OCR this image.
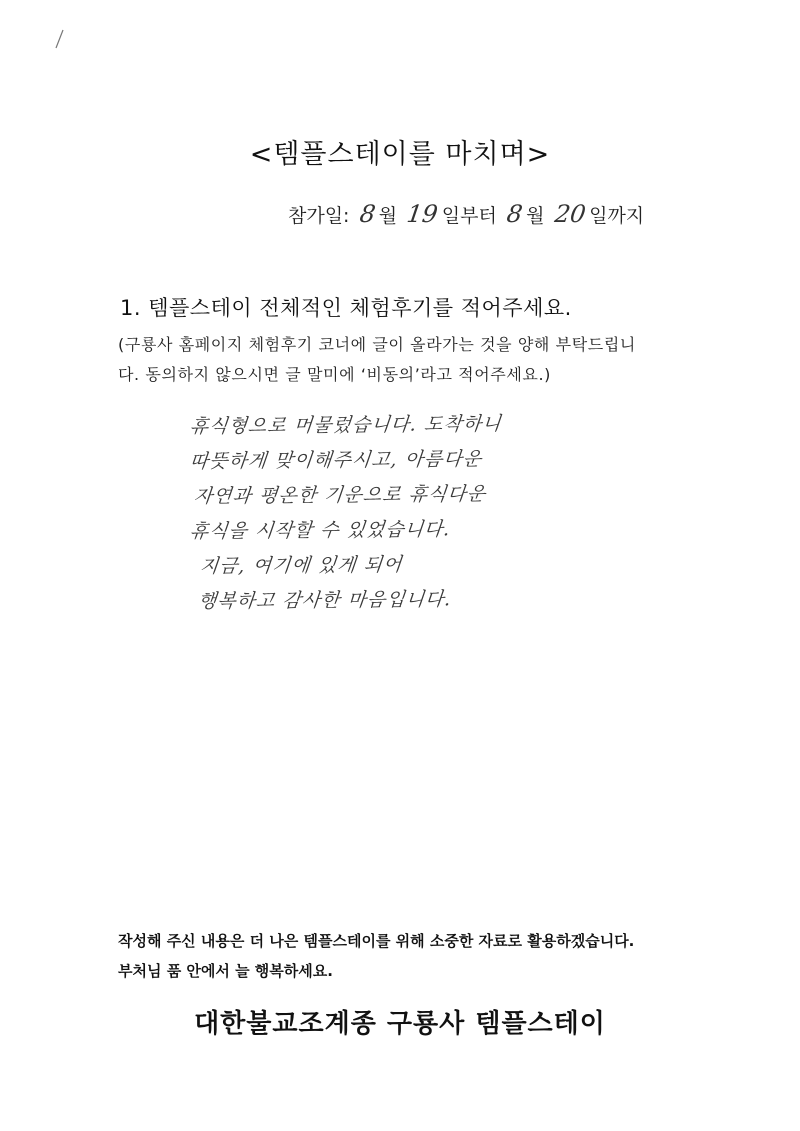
<템플스테이를 마치며>
참가일: 8 월 19 일부터 8 월 20 일까지
1. 템플스테이 전체적인 체험후기를 적어주세요.
(구룡사 홈페이지 체험후기 코너에 글이 올라가는 것을 양해 부탁드립니
다. 동의하지 않으시면 글 말미에 ‘비동의’라고 적어주세요.)
휴식형으로 머물렀습니다. 도착하니
따뜻하게 맞이해주시고, 아름다운
자연과 평온한 기운으로 휴식다운
휴식을 시작할 수 있었습니다.
지금, 여기에 있게 되어
행복하고 감사한 마음입니다.
작성해 주신 내용은 더 나은 템플스테이를 위해 소중한 자료로 활용하겠습니다.
부처님 품 안에서 늘 행복하세요.
대한불교조계종 구룡사 템플스테이
